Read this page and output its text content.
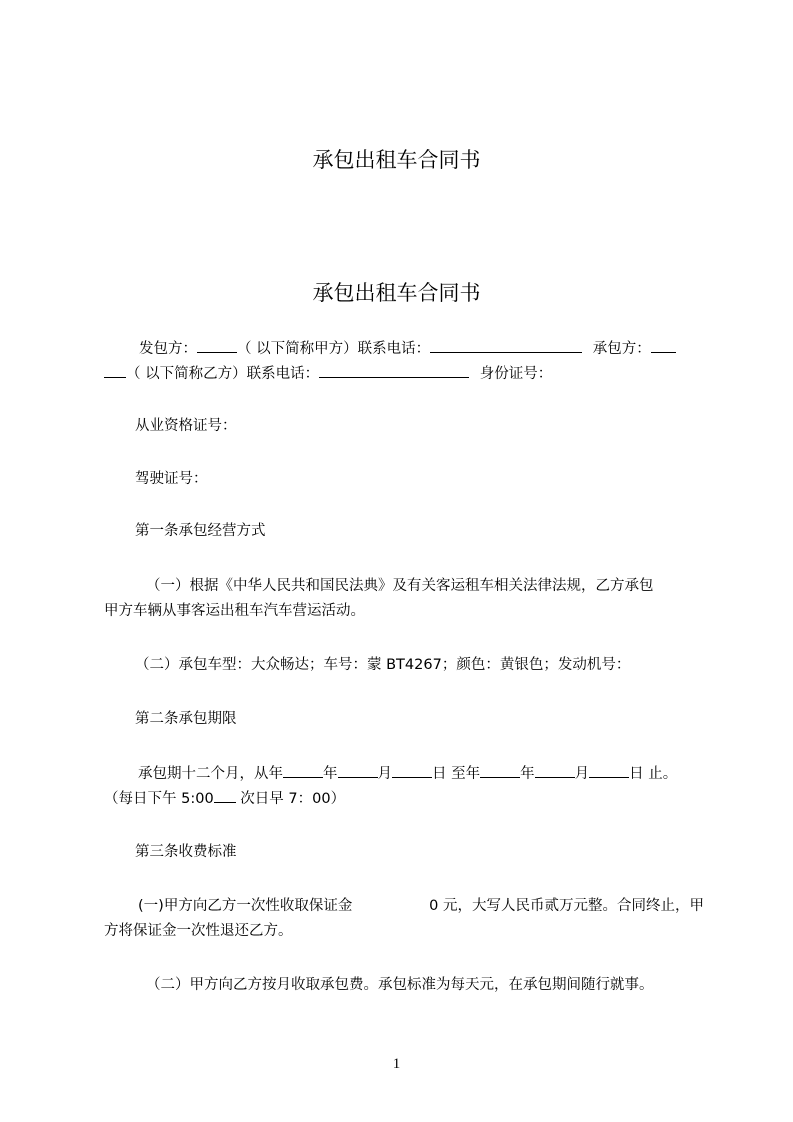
承包出租车合同书
承包出租车合同书
发包方：	（ 以下简称甲方）联系电话：	承包方：
（ 以下简称乙方）联系电话：	身份证号：
从业资格证号：
驾驶证号：
第一条承包经营方式
（一）根据《中华人民共和国民法典》及有关客运租车相关法律法规，乙方承包
甲方车辆从事客运出租车汽车营运活动。
（二）承包车型：大众畅达；车号：蒙 BT4267；颜色：黄银色；发动机号：
第二条承包期限
承包期十二个月，从年	年	月	日 至年	年	月	日 止。
（每日下午 5:00 次日早 7：00）
第三条收费标准
(一)甲方向乙方一次性收取保证金	0 元，大写人民币贰万元整。合同终止，甲
方将保证金一次性退还乙方。
（二）甲方向乙方按月收取承包费。承包标准为每天元，在承包期间随行就事。
1
